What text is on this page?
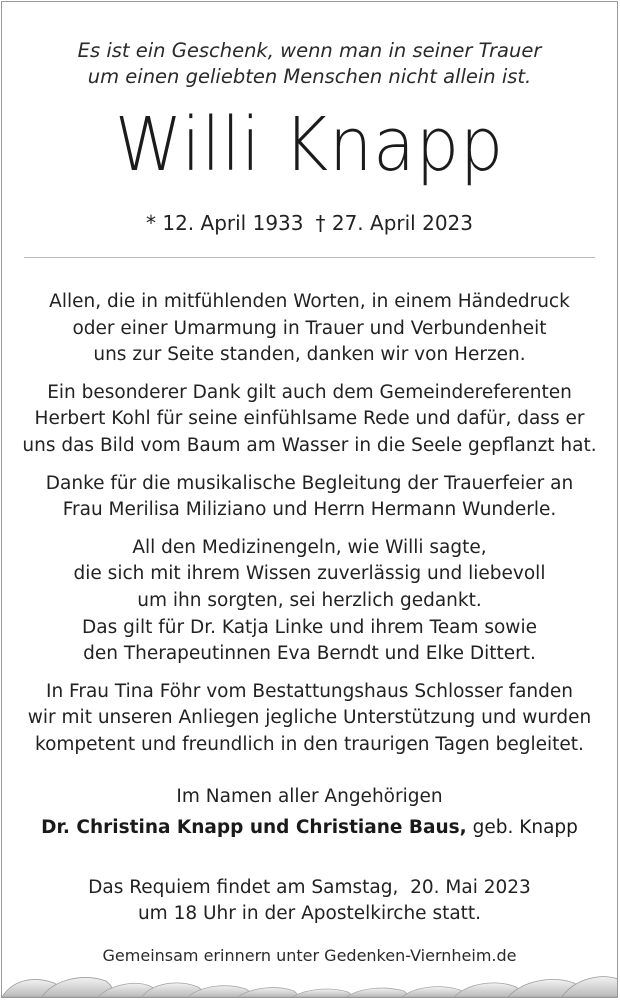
Es ist ein Geschenk, wenn man in seiner Trauer
um einen geliebten Menschen nicht allein ist.
Willi Knapp
* 12. April 1933 † 27. April 2023
Allen, die in mitfühlenden Worten, in einem Händedruck
oder einer Umarmung in Trauer und Verbundenheit
uns zur Seite standen, danken wir von Herzen.
Ein besonderer Dank gilt auch dem Gemeindereferenten
Herbert Kohl für seine einfühlsame Rede und dafür, dass er
uns das Bild vom Baum am Wasser in die Seele gepflanzt hat.
Danke für die musikalische Begleitung der Trauerfeier an
Frau Merilisa Miliziano und Herrn Hermann Wunderle.
All den Medizinengeln, wie Willi sagte,
die sich mit ihrem Wissen zuverlässig und liebevoll
um ihn sorgten, sei herzlich gedankt.
Das gilt für Dr. Katja Linke und ihrem Team sowie
den Therapeutinnen Eva Berndt und Elke Dittert.
In Frau Tina Föhr vom Bestattungshaus Schlosser fanden
wir mit unseren Anliegen jegliche Unterstützung und wurden
kompetent und freundlich in den traurigen Tagen begleitet.
Im Namen aller Angehörigen
Dr. Christina Knapp und Christiane Baus, geb. Knapp
Das Requiem findet am Samstag,  20. Mai 2023
um 18 Uhr in der Apostelkirche statt.
Gemeinsam erinnern unter Gedenken-Viernheim.de
